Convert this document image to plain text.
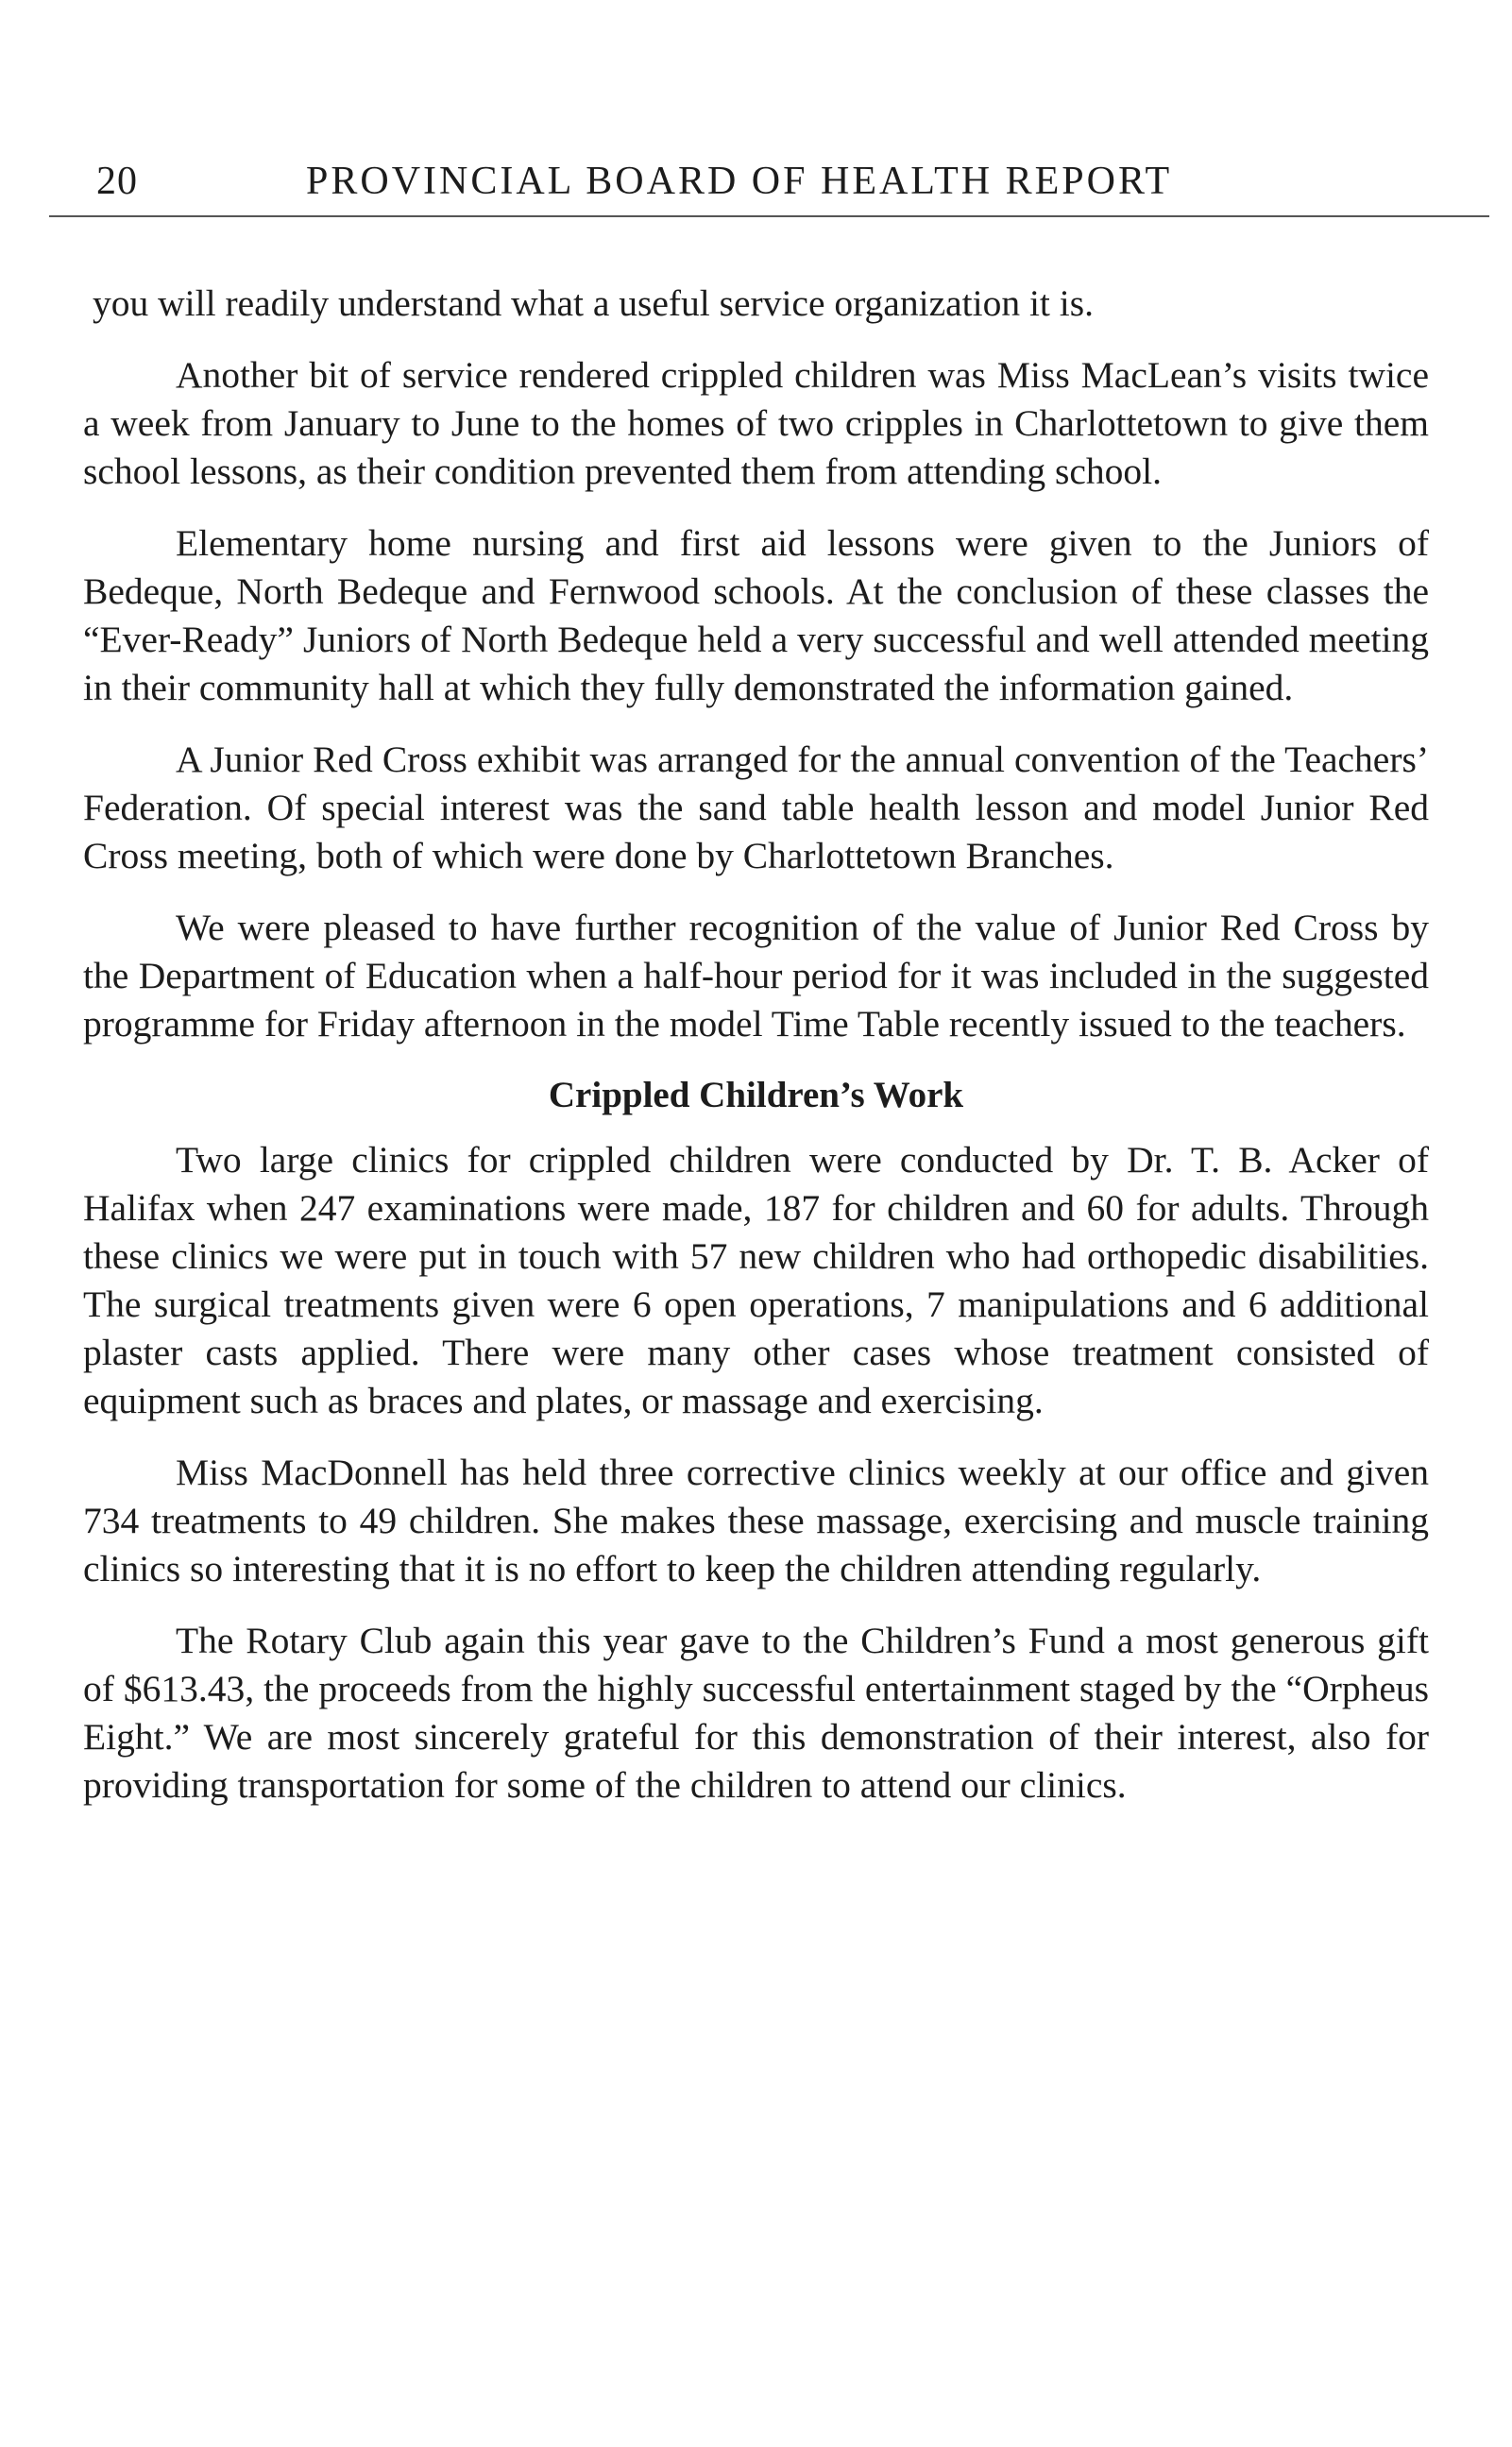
20	PROVINCIAL BOARD OF HEALTH REPORT

you will readily understand what a useful service organization it is.

Another bit of service rendered crippled children was Miss MacLean’s visits twice a week from January to June to the homes of two cripples in Charlottetown to give them school lessons, as their condition prevented them from attending school.

Elementary home nursing and first aid lessons were given to the Juniors of Bedeque, North Bedeque and Fernwood schools. At the conclusion of these classes the “Ever-Ready” Juniors of North Bedeque held a very successful and well attended meeting in their community hall at which they fully demonstrated the information gained.

A Junior Red Cross exhibit was arranged for the annual convention of the Teachers’ Federation. Of special interest was the sand table health lesson and model Junior Red Cross meeting, both of which were done by Charlottetown Branches.

We were pleased to have further recognition of the value of Junior Red Cross by the Department of Education when a half-hour period for it was included in the suggested programme for Friday afternoon in the model Time Table recently issued to the teachers.

Crippled Children’s Work

Two large clinics for crippled children were conducted by Dr. T. B. Acker of Halifax when 247 examinations were made, 187 for children and 60 for adults. Through these clinics we were put in touch with 57 new children who had orthopedic disabilities. The surgical treatments given were 6 open operations, 7 manipulations and 6 additional plaster casts applied. There were many other cases whose treatment consisted of equipment such as braces and plates, or massage and exercising.

Miss MacDonnell has held three corrective clinics weekly at our office and given 734 treatments to 49 children. She makes these massage, exercising and muscle training clinics so interesting that it is no effort to keep the children attending regularly.

The Rotary Club again this year gave to the Children’s Fund a most generous gift of $613.43, the proceeds from the highly successful entertainment staged by the “Orpheus Eight.” We are most sincerely grateful for this demonstration of their interest, also for providing transportation for some of the children to attend our clinics.
